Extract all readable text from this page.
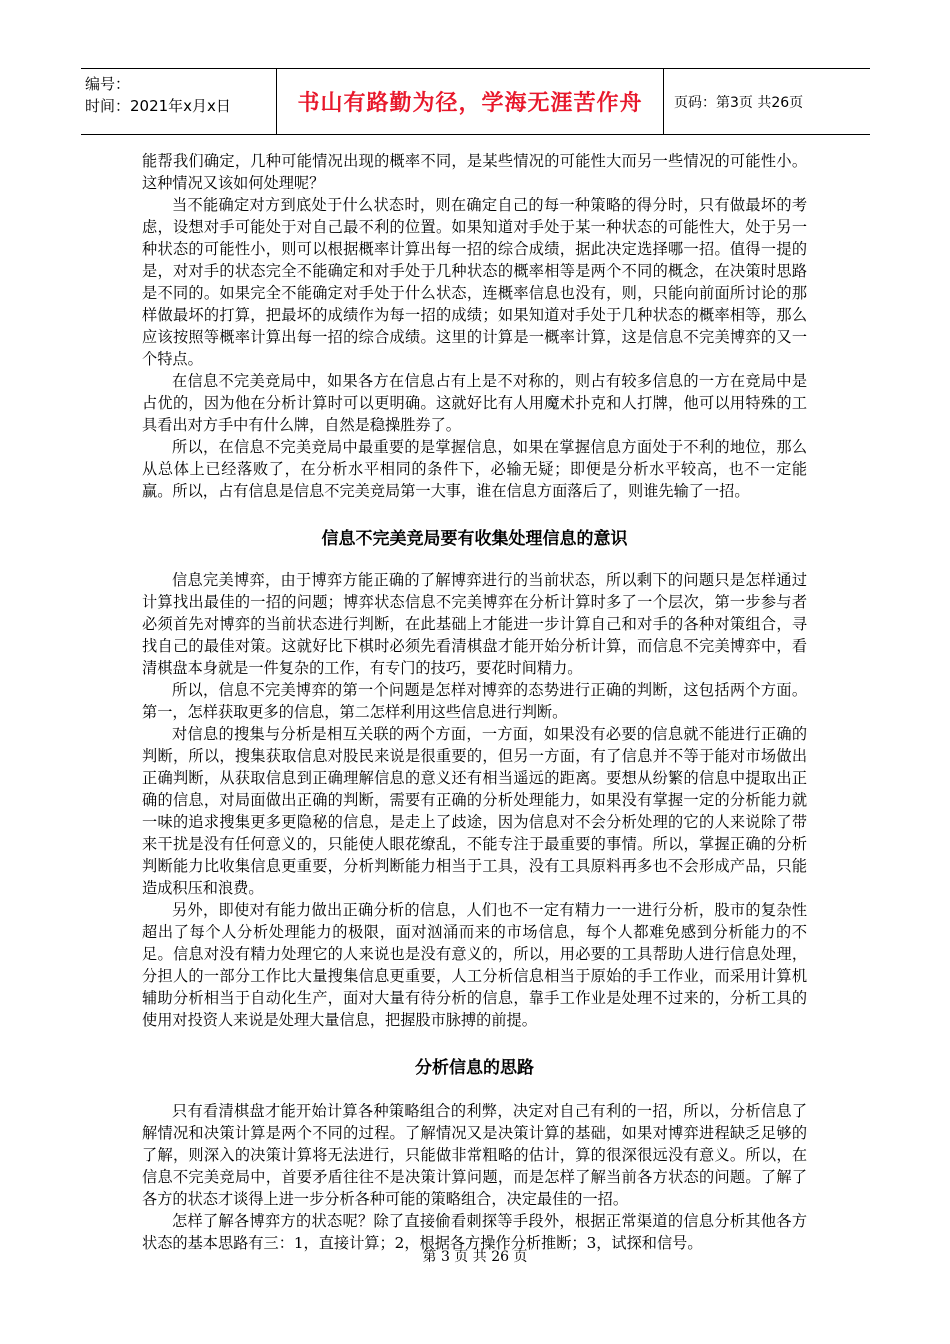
编号：
时间：2021年x月x日	书山有路勤为径，学海无涯苦作舟	页码：第3页 共26页

能帮我们确定，几种可能情况出现的概率不同，是某些情况的可能性大而另一些情况的可能性小。这种情况又该如何处理呢？

当不能确定对方到底处于什么状态时，则在确定自己的每一种策略的得分时，只有做最坏的考虑，设想对手可能处于对自己最不利的位置。如果知道对手处于某一种状态的可能性大，处于另一种状态的可能性小，则可以根据概率计算出每一招的综合成绩，据此决定选择哪一招。值得一提的是，对对手的状态完全不能确定和对手处于几种状态的概率相等是两个不同的概念，在决策时思路是不同的。如果完全不能确定对手处于什么状态，连概率信息也没有，则，只能向前面所讨论的那样做最坏的打算，把最坏的成绩作为每一招的成绩；如果知道对手处于几种状态的概率相等，那么应该按照等概率计算出每一招的综合成绩。这里的计算是一概率计算，这是信息不完美博弈的又一个特点。

在信息不完美竞局中，如果各方在信息占有上是不对称的，则占有较多信息的一方在竞局中是占优的，因为他在分析计算时可以更明确。这就好比有人用魔术扑克和人打牌，他可以用特殊的工具看出对方手中有什么牌，自然是稳操胜券了。

所以，在信息不完美竞局中最重要的是掌握信息，如果在掌握信息方面处于不利的地位，那么从总体上已经落败了，在分析水平相同的条件下，必输无疑；即便是分析水平较高，也不一定能赢。所以，占有信息是信息不完美竞局第一大事，谁在信息方面落后了，则谁先输了一招。

信息不完美竞局要有收集处理信息的意识

信息完美博弈，由于博弈方能正确的了解博弈进行的当前状态，所以剩下的问题只是怎样通过计算找出最佳的一招的问题；博弈状态信息不完美博弈在分析计算时多了一个层次，第一步参与者必须首先对博弈的当前状态进行判断，在此基础上才能进一步计算自己和对手的各种对策组合，寻找自己的最佳对策。这就好比下棋时必须先看清棋盘才能开始分析计算，而信息不完美博弈中，看清棋盘本身就是一件复杂的工作，有专门的技巧，要花时间精力。

所以，信息不完美博弈的第一个问题是怎样对博弈的态势进行正确的判断，这包括两个方面。第一，怎样获取更多的信息，第二怎样利用这些信息进行判断。

对信息的搜集与分析是相互关联的两个方面，一方面，如果没有必要的信息就不能进行正确的判断，所以，搜集获取信息对股民来说是很重要的，但另一方面，有了信息并不等于能对市场做出正确判断，从获取信息到正确理解信息的意义还有相当遥远的距离。要想从纷繁的信息中提取出正确的信息，对局面做出正确的判断，需要有正确的分析处理能力，如果没有掌握一定的分析能力就一味的追求搜集更多更隐秘的信息，是走上了歧途，因为信息对不会分析处理的它的人来说除了带来干扰是没有任何意义的，只能使人眼花缭乱，不能专注于最重要的事情。所以，掌握正确的分析判断能力比收集信息更重要，分析判断能力相当于工具，没有工具原料再多也不会形成产品，只能造成积压和浪费。

另外，即使对有能力做出正确分析的信息，人们也不一定有精力一一进行分析，股市的复杂性超出了每个人分析处理能力的极限，面对汹涌而来的市场信息，每个人都难免感到分析能力的不足。信息对没有精力处理它的人来说也是没有意义的，所以，用必要的工具帮助人进行信息处理，分担人的一部分工作比大量搜集信息更重要，人工分析信息相当于原始的手工作业，而采用计算机辅助分析相当于自动化生产，面对大量有待分析的信息，靠手工作业是处理不过来的，分析工具的使用对投资人来说是处理大量信息，把握股市脉搏的前提。

分析信息的思路

只有看清棋盘才能开始计算各种策略组合的利弊，决定对自己有利的一招，所以，分析信息了解情况和决策计算是两个不同的过程。了解情况又是决策计算的基础，如果对博弈进程缺乏足够的了解，则深入的决策计算将无法进行，只能做非常粗略的估计，算的很深很远没有意义。所以，在信息不完美竞局中，首要矛盾往往不是决策计算问题，而是怎样了解当前各方状态的问题。了解了各方的状态才谈得上进一步分析各种可能的策略组合，决定最佳的一招。

怎样了解各博弈方的状态呢？除了直接偷看刺探等手段外，根据正常渠道的信息分析其他各方状态的基本思路有三：1，直接计算；2，根据各方操作分析推断；3，试探和信号。

第 3 页 共 26 页
